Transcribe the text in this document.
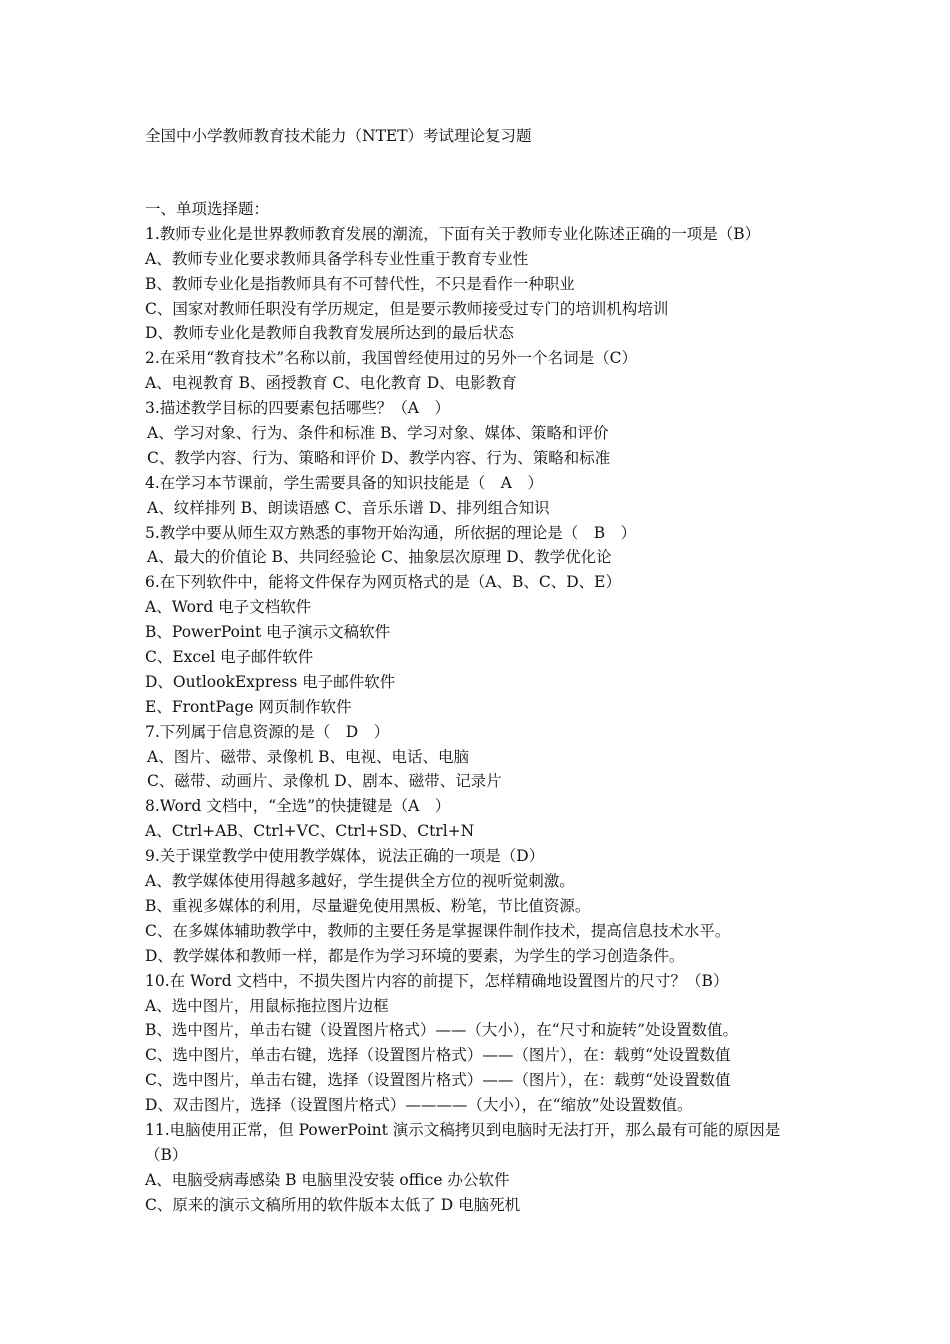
全国中小学教师教育技术能力（NTET）考试理论复习题
一、单项选择题：
1.教师专业化是世界教师教育发展的潮流，下面有关于教师专业化陈述正确的一项是（B）
A、教师专业化要求教师具备学科专业性重于教育专业性
B、教师专业化是指教师具有不可替代性，不只是看作一种职业
C、国家对教师任职没有学历规定，但是要示教师接受过专门的培训机构培训
D、教师专业化是教师自我教育发展所达到的最后状态
2.在采用“教育技术”名称以前，我国曾经使用过的另外一个名词是（C）
A、电视教育 B、函授教育 C、电化教育 D、电影教育
3.描述教学目标的四要素包括哪些？（A　）
A、学习对象、行为、条件和标准 B、学习对象、媒体、策略和评价
C、教学内容、行为、策略和评价 D、教学内容、行为、策略和标准
4.在学习本节课前，学生需要具备的知识技能是（　A　）
A、纹样排列 B、朗读语感 C、音乐乐谱 D、排列组合知识
5.教学中要从师生双方熟悉的事物开始沟通，所依据的理论是（　B　）
A、最大的价值论 B、共同经验论 C、抽象层次原理 D、教学优化论
6.在下列软件中，能将文件保存为网页格式的是（A、B、C、D、E）
A、Word 电子文档软件
B、PowerPoint 电子演示文稿软件
C、Excel 电子邮件软件
D、OutlookExpress 电子邮件软件
E、FrontPage 网页制作软件
7.下列属于信息资源的是（　D　）
A、图片、磁带、录像机 B、电视、电话、电脑
C、磁带、动画片、录像机 D、剧本、磁带、记录片
8.Word 文档中，“全选”的快捷键是（A　）
A、Ctrl+AB、Ctrl+VC、Ctrl+SD、Ctrl+N
9.关于课堂教学中使用教学媒体，说法正确的一项是（D）
A、教学媒体使用得越多越好，学生提供全方位的视听觉刺激。
B、重视多媒体的利用，尽量避免使用黑板、粉笔，节比值资源。
C、在多媒体辅助教学中，教师的主要任务是掌握课件制作技术，提高信息技术水平。
D、教学媒体和教师一样，都是作为学习环境的要素，为学生的学习创造条件。
10.在 Word 文档中，不损失图片内容的前提下，怎样精确地设置图片的尺寸？（B）
A、选中图片，用鼠标拖拉图片边框
B、选中图片，单击右键（设置图片格式）——（大小），在“尺寸和旋转”处设置数值。
C、选中图片，单击右键，选择（设置图片格式）——（图片），在：载剪“处设置数值
C、选中图片，单击右键，选择（设置图片格式）——（图片），在：载剪“处设置数值
D、双击图片，选择（设置图片格式）————（大小），在“缩放”处设置数值。
11.电脑使用正常，但 PowerPoint 演示文稿拷贝到电脑时无法打开，那么最有可能的原因是
（B）
A、电脑受病毒感染 B 电脑里没安装 office 办公软件
C、原来的演示文稿所用的软件版本太低了 D 电脑死机
